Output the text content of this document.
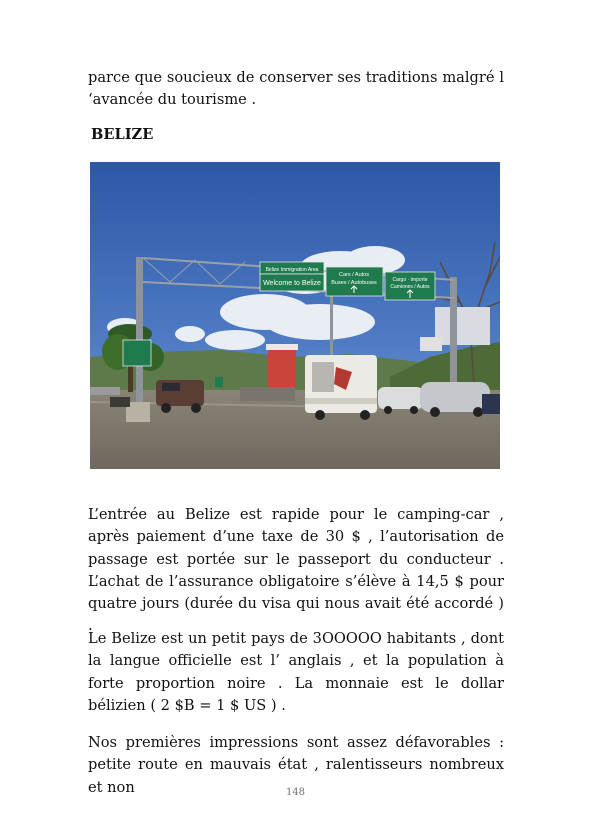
parce que soucieux de conserver ses traditions malgré l ‘avancée du tourisme .

BELIZE

Belize Immigration Area
Welcome to Belize
Cars / Autos
Buses / Autobuses	Cargo · Importe
Camiones / Autos

L’entrée au Belize est rapide pour le camping-car , après paiement d’une taxe de 30 $ , l’autorisation de passage est portée sur le passeport du conducteur . L’achat de l’assurance obligatoire s’élève à 14,5 $ pour quatre jours (durée du visa qui nous avait été accordé ) .

Le Belize est un petit pays de 3OOOOO habitants , dont la langue officielle est l’ anglais , et la population à forte proportion noire . La monnaie est le dollar bélizien ( 2 $B = 1 $ US ) .

Nos premières impressions sont assez défavorables : petite route en mauvais état , ralentisseurs nombreux et non	148
